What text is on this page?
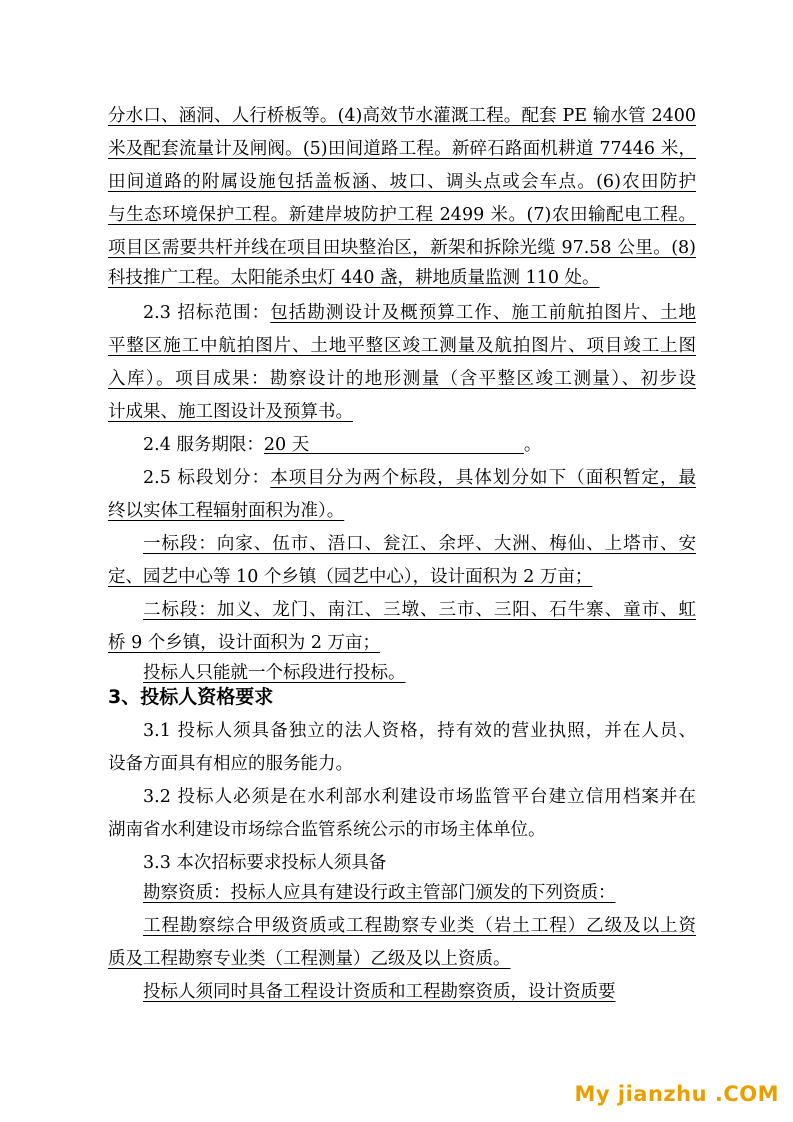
分水口、涵洞、人行桥板等。(4)高效节水灌溉工程。配套 PE 输水管 2400
米及配套流量计及闸阀。(5)田间道路工程。新碎石路面机耕道 77446 米，
田间道路的附属设施包括盖板涵、坡口、调头点或会车点。(6)农田防护
与生态环境保护工程。新建岸坡防护工程 2499 米。(7)农田输配电工程。
项目区需要共杆并线在项目田块整治区，新架和拆除光缆 97.58 公里。(8)
科技推广工程。太阳能杀虫灯 440 盏，耕地质量监测 110 处。
2.3 招标范围：包括勘测设计及概预算工作、施工前航拍图片、土地
平整区施工中航拍图片、土地平整区竣工测量及航拍图片、项目竣工上图
入库）。项目成果：勘察设计的地形测量（含平整区竣工测量）、初步设
计成果、施工图设计及预算书。
2.4 服务期限：20 天	。
2.5 标段划分：本项目分为两个标段，具体划分如下（面积暂定，最
终以实体工程辐射面积为准）。
一标段：向家、伍市、浯口、瓮江、余坪、大洲、梅仙、上塔市、安
定、园艺中心等 10 个乡镇（园艺中心），设计面积为 2 万亩；
二标段：加义、龙门、南江、三墩、三市、三阳、石牛寨、童市、虹
桥 9 个乡镇，设计面积为 2 万亩；
投标人只能就一个标段进行投标。
3、投标人资格要求
3.1 投标人须具备独立的法人资格，持有效的营业执照，并在人员、
设备方面具有相应的服务能力。
3.2 投标人必须是在水利部水利建设市场监管平台建立信用档案并在
湖南省水利建设市场综合监管系统公示的市场主体单位。
3.3 本次招标要求投标人须具备
勘察资质：投标人应具有建设行政主管部门颁发的下列资质：
工程勘察综合甲级资质或工程勘察专业类（岩土工程）乙级及以上资
质及工程勘察专业类（工程测量）乙级及以上资质。
投标人须同时具备工程设计资质和工程勘察资质，设计资质要
My jianzhu .COM
